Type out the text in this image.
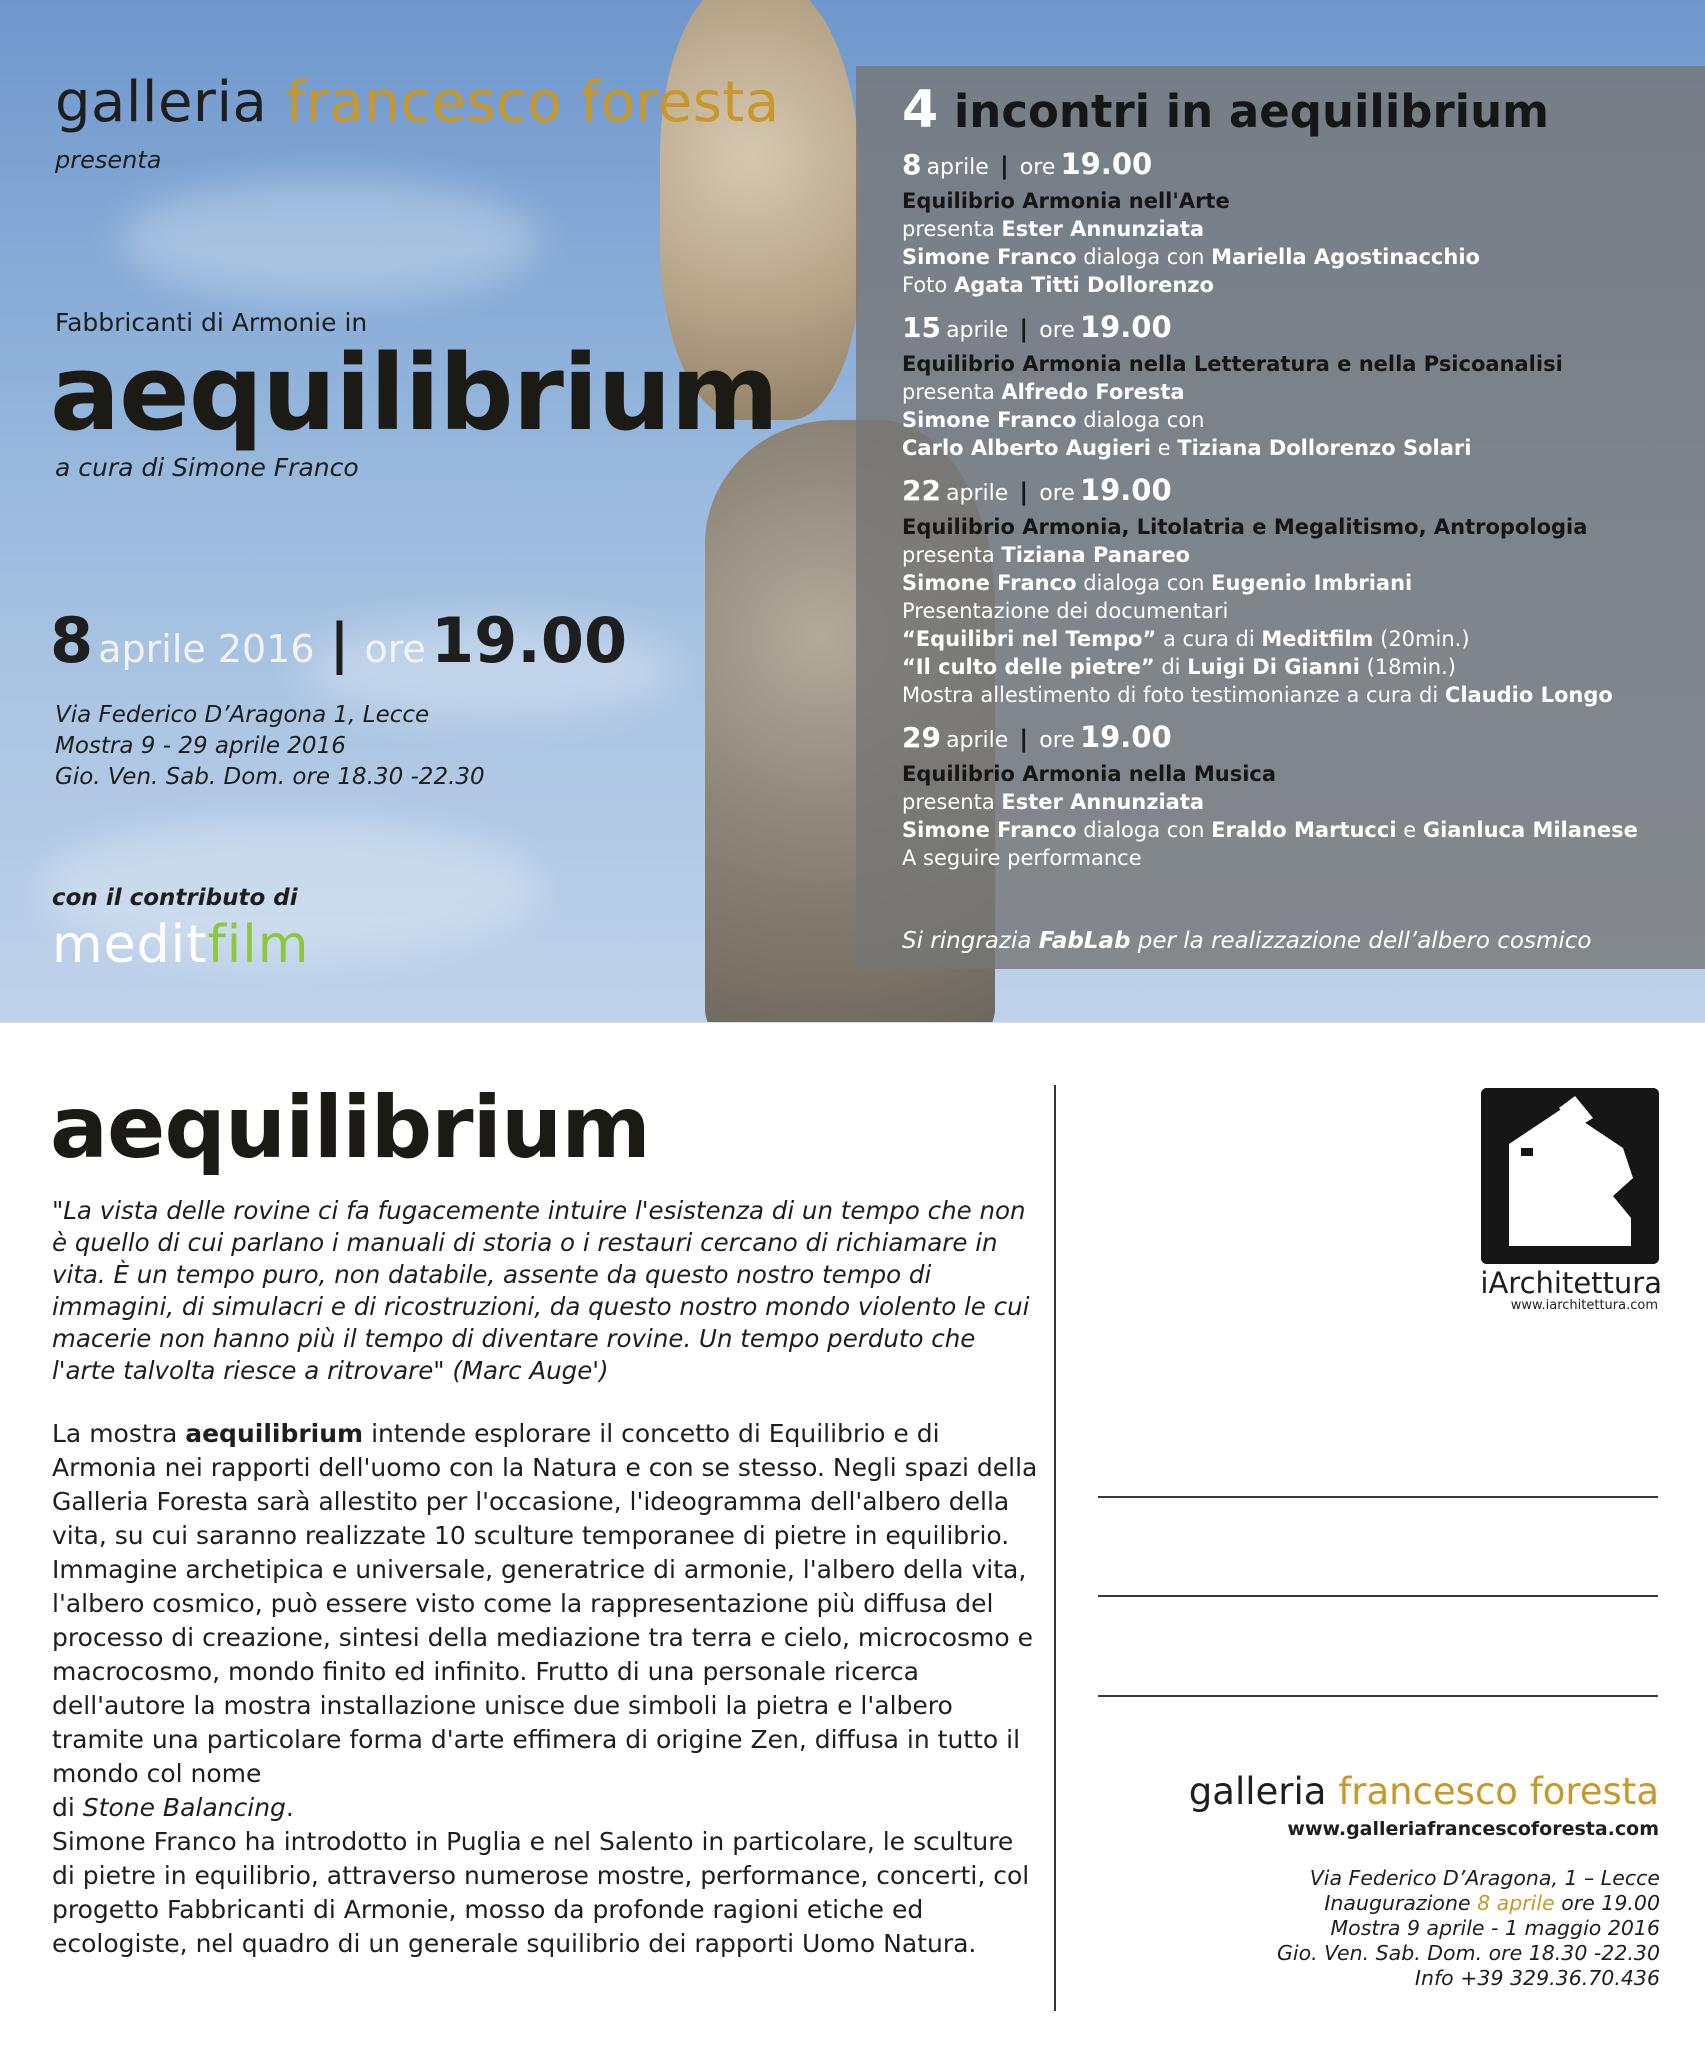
galleria francesco foresta
presenta
Fabbricanti di Armonie in
aequilibrium
a cura di Simone Franco
8 aprile 2016 | ore 19.00
Via Federico D’Aragona 1, Lecce
Mostra 9 - 29 aprile 2016
Gio. Ven. Sab. Dom. ore 18.30 -22.30
con il contributo di
meditfilm
4 incontri in aequilibrium
8 aprile | ore 19.00
Equilibrio Armonia nell'Arte
presenta Ester Annunziata
Simone Franco dialoga con Mariella Agostinacchio
Foto Agata Titti Dollorenzo
15 aprile | ore 19.00
Equilibrio Armonia nella Letteratura e nella Psicoanalisi
presenta Alfredo Foresta
Simone Franco dialoga con
Carlo Alberto Augieri e Tiziana Dollorenzo Solari
22 aprile | ore 19.00
Equilibrio Armonia, Litolatria e Megalitismo, Antropologia
presenta Tiziana Panareo
Simone Franco dialoga con Eugenio Imbriani
Presentazione dei documentari
“Equilibri nel Tempo” a cura di Meditfilm (20min.)
“Il culto delle pietre” di Luigi Di Gianni (18min.)
Mostra allestimento di foto testimonianze a cura di Claudio Longo
29 aprile | ore 19.00
Equilibrio Armonia nella Musica
presenta Ester Annunziata
Simone Franco dialoga con Eraldo Martucci e Gianluca Milanese
A seguire performance
Si ringrazia FabLab per la realizzazione dell’albero cosmico
aequilibrium
"La vista delle rovine ci fa fugacemente intuire l'esistenza di un tempo che non è quello di cui parlano i manuali di storia o i restauri cercano di richiamare in vita. È un tempo puro, non databile, assente da questo nostro tempo di immagini, di simulacri e di ricostruzioni, da questo nostro mondo violento le cui macerie non hanno più il tempo di diventare rovine. Un tempo perduto che l'arte talvolta riesce a ritrovare" (Marc Auge')
La mostra aequilibrium intende esplorare il concetto di Equilibrio e di Armonia nei rapporti dell'uomo con la Natura e con se stesso. Negli spazi della Galleria Foresta sarà allestito per l'occasione, l'ideogramma dell'albero della vita, su cui saranno realizzate 10 sculture temporanee di pietre in equilibrio. Immagine archetipica e universale, generatrice di armonie, l'albero della vita, l'albero cosmico, può essere visto come la rappresentazione più diffusa del processo di creazione, sintesi della mediazione tra terra e cielo, microcosmo e macrocosmo, mondo finito ed infinito. Frutto di una personale ricerca dell'autore la mostra installazione unisce due simboli la pietra e l'albero tramite una particolare forma d'arte effimera di origine Zen, diffusa in tutto il mondo col nome
di Stone Balancing.
Simone Franco ha introdotto in Puglia e nel Salento in particolare, le sculture di pietre in equilibrio, attraverso numerose mostre, performance, concerti, col progetto Fabbricanti di Armonie, mosso da profonde ragioni etiche ed ecologiste, nel quadro di un generale squilibrio dei rapporti Uomo Natura.
iArchitettura
www.iarchitettura.com
galleria francesco foresta
www.galleriafrancescoforesta.com
Via Federico D’Aragona, 1 – Lecce
Inaugurazione 8 aprile ore 19.00
Mostra 9 aprile - 1 maggio 2016
Gio. Ven. Sab. Dom. ore 18.30 -22.30
Info +39 329.36.70.436
